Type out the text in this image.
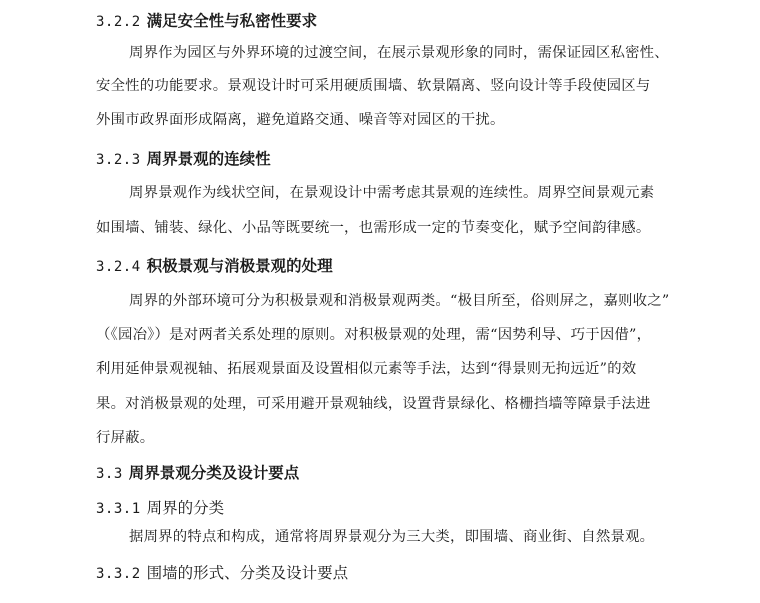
3.2.2 满足安全性与私密性要求
周界作为园区与外界环境的过渡空间，在展示景观形象的同时，需保证园区私密性、
安全性的功能要求。景观设计时可采用硬质围墙、软景隔离、竖向设计等手段使园区与
外围市政界面形成隔离，避免道路交通、噪音等对园区的干扰。
3.2.3 周界景观的连续性
周界景观作为线状空间，在景观设计中需考虑其景观的连续性。周界空间景观元素
如围墙、铺装、绿化、小品等既要统一，也需形成一定的节奏变化，赋予空间韵律感。
3.2.4 积极景观与消极景观的处理
周界的外部环境可分为积极景观和消极景观两类。“极目所至，俗则屏之，嘉则收之”
（《园冶》）是对两者关系处理的原则。对积极景观的处理，需“因势利导、巧于因借”，
利用延伸景观视轴、拓展观景面及设置相似元素等手法，达到“得景则无拘远近”的效
果。对消极景观的处理，可采用避开景观轴线，设置背景绿化、格栅挡墙等障景手法进
行屏蔽。
3.3 周界景观分类及设计要点
3.3.1 周界的分类
据周界的特点和构成，通常将周界景观分为三大类，即围墙、商业街、自然景观。
3.3.2 围墙的形式、分类及设计要点
